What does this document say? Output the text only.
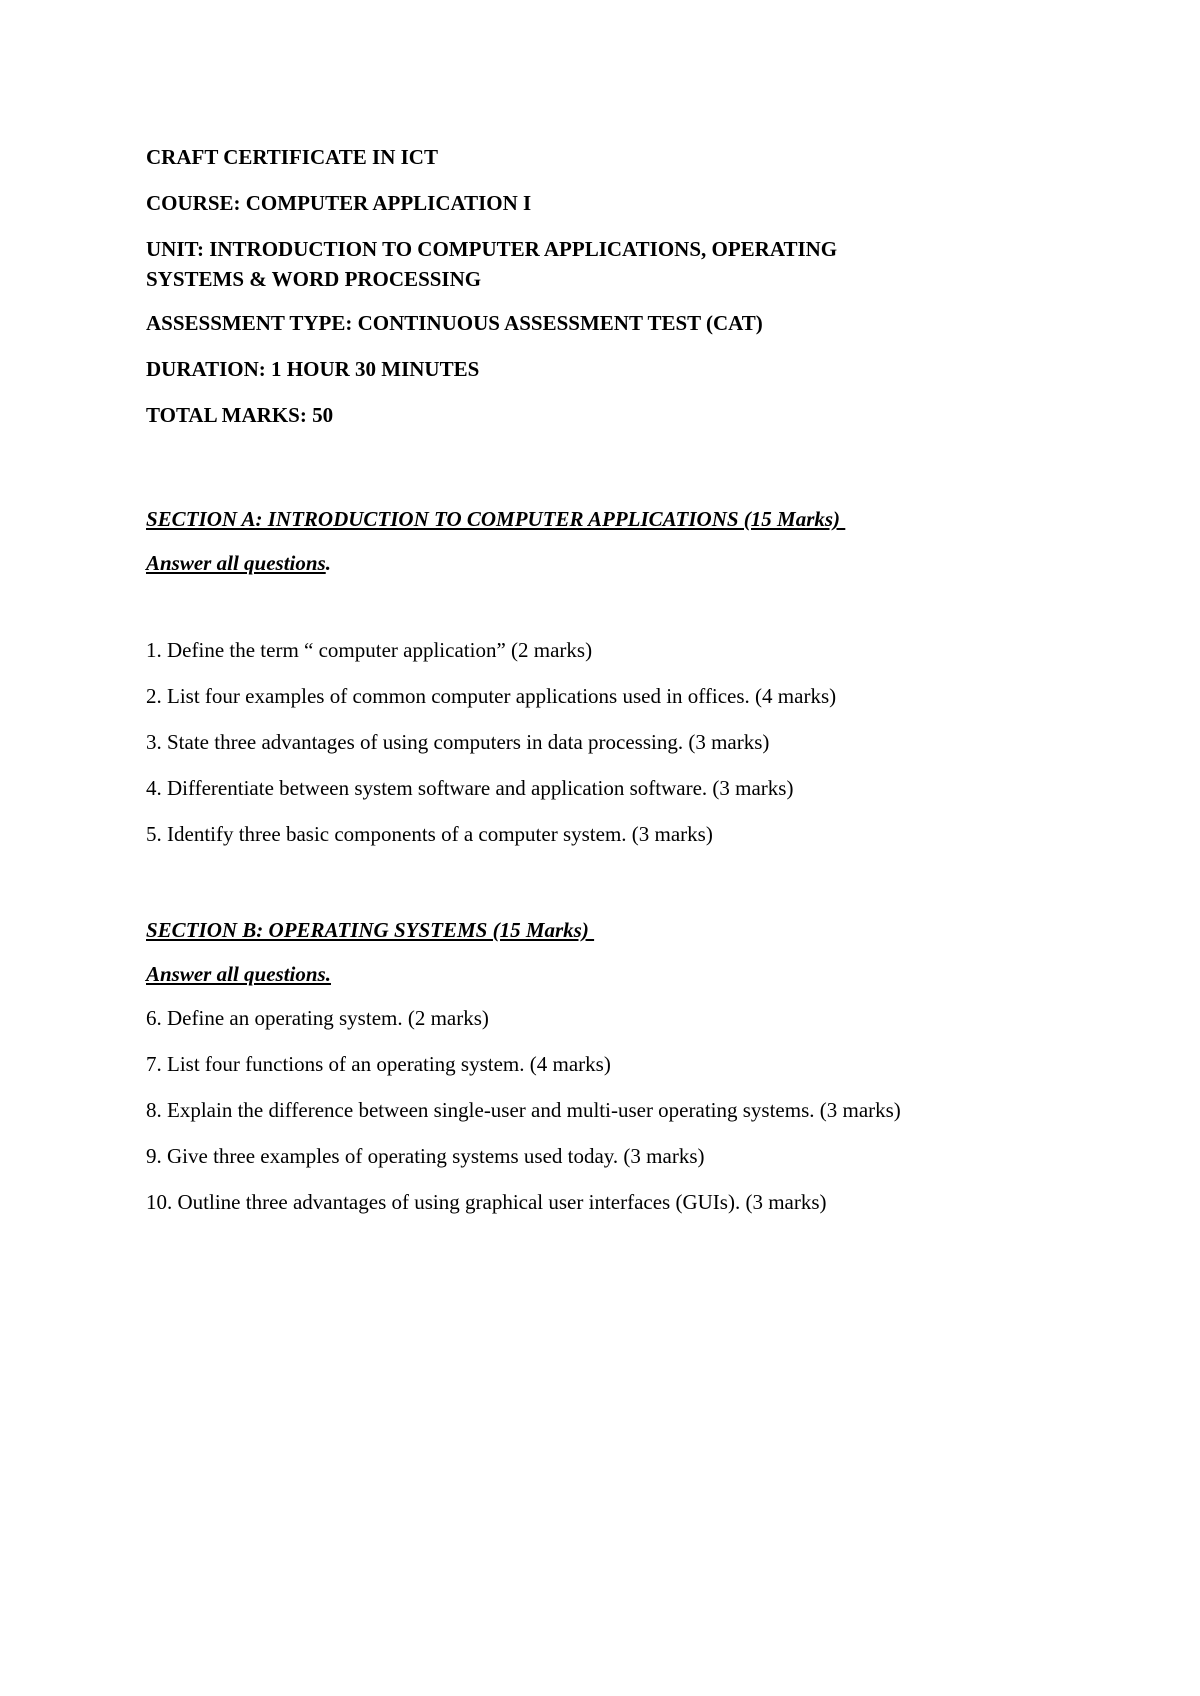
CRAFT CERTIFICATE IN ICT

COURSE: COMPUTER APPLICATION I

UNIT: INTRODUCTION TO COMPUTER APPLICATIONS, OPERATING
SYSTEMS & WORD PROCESSING

ASSESSMENT TYPE: CONTINUOUS ASSESSMENT TEST (CAT)

DURATION: 1 HOUR 30 MINUTES

TOTAL MARKS: 50

SECTION A: INTRODUCTION TO COMPUTER APPLICATIONS (15 Marks)

Answer all questions.

1. Define the term “ computer application” (2 marks)

2. List four examples of common computer applications used in offices. (4 marks)

3. State three advantages of using computers in data processing. (3 marks)

4. Differentiate between system software and application software. (3 marks)

5. Identify three basic components of a computer system. (3 marks)

SECTION B: OPERATING SYSTEMS (15 Marks)

Answer all questions.

6. Define an operating system. (2 marks)

7. List four functions of an operating system. (4 marks)

8. Explain the difference between single-user and multi-user operating systems. (3 marks)

9. Give three examples of operating systems used today. (3 marks)

10. Outline three advantages of using graphical user interfaces (GUIs). (3 marks)
